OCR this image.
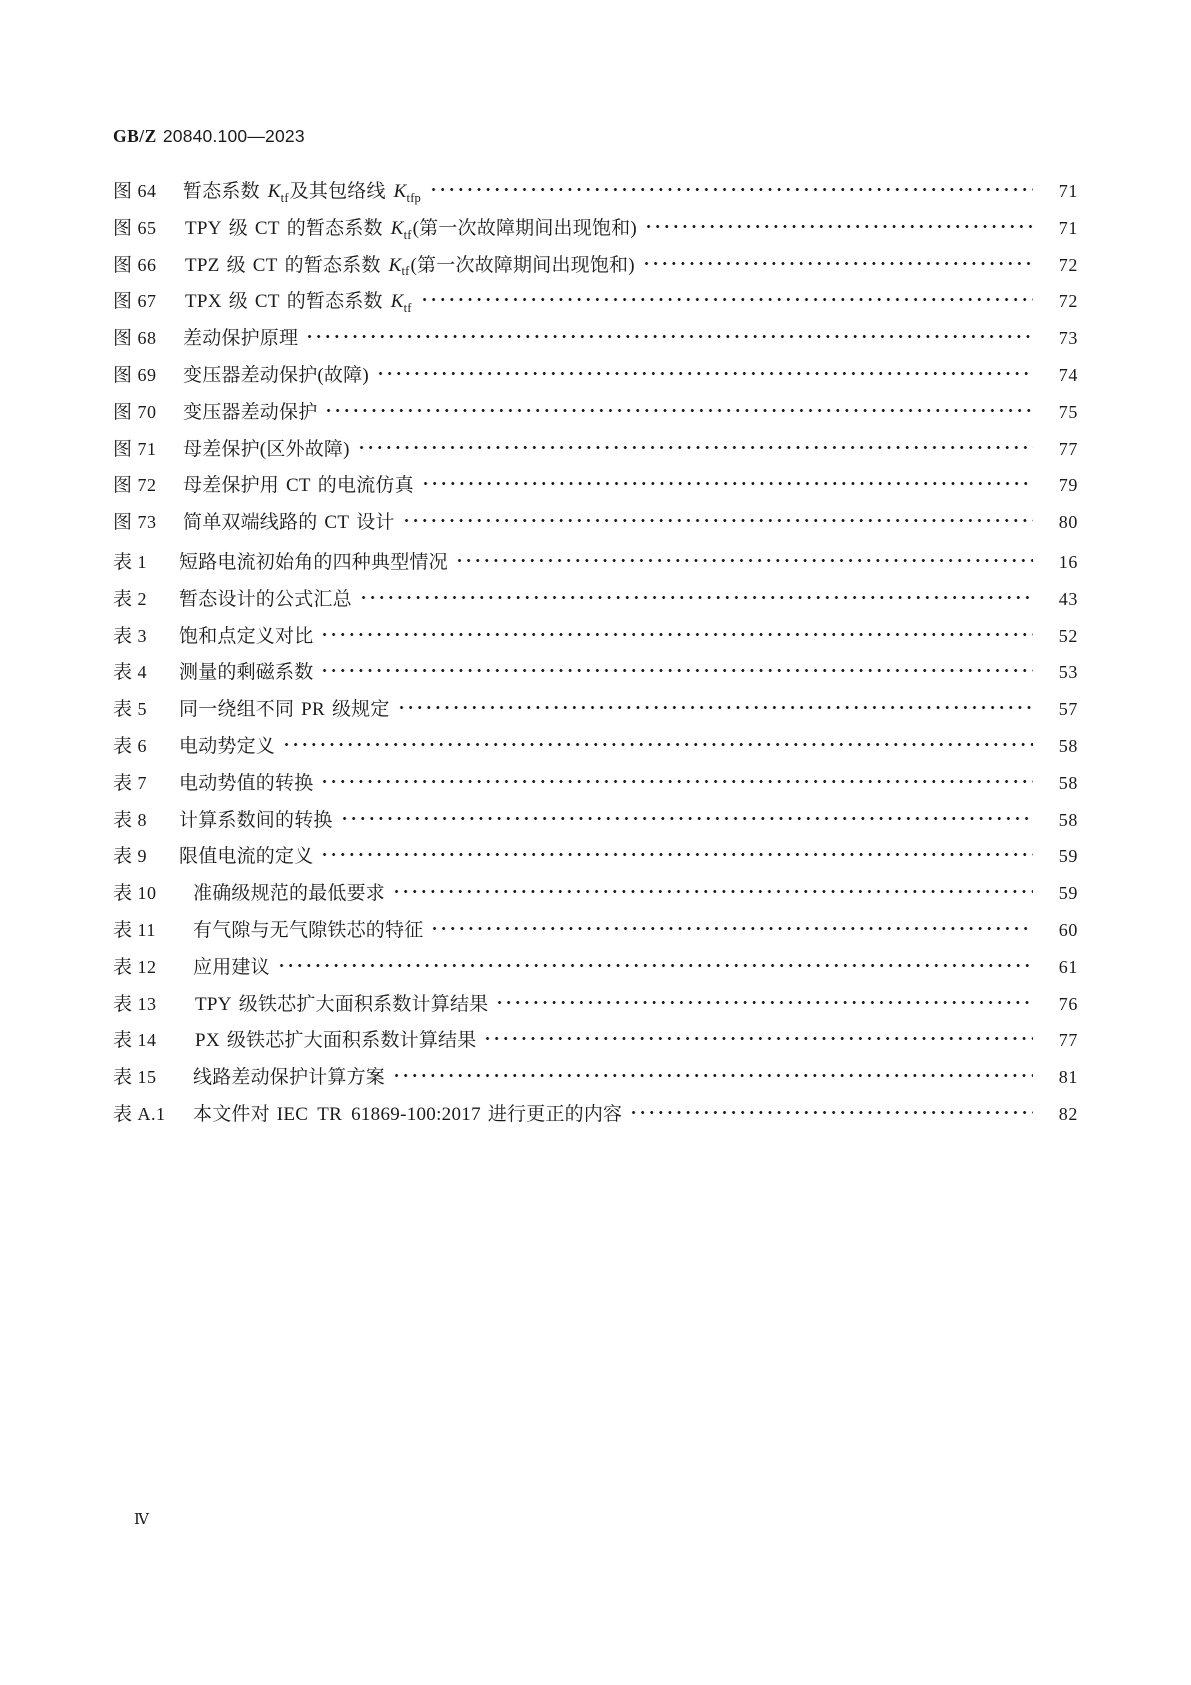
GB/Z 20840.100—2023
图 64	暂态系数 $K_{tf}$及其包络线 $K_{tfp}$	71
图 65	TPY 级 CT 的暂态系数 $K_{tf}$(第一次故障期间出现饱和)	71
图 66	TPZ 级 CT 的暂态系数 $K_{tf}$(第一次故障期间出现饱和)	72
图 67	TPX 级 CT 的暂态系数 $K_{tf}$	72
图 68	差动保护原理	73
图 69	变压器差动保护(故障)	74
图 70	变压器差动保护	75
图 71	母差保护(区外故障)	77
图 72	母差保护用 CT 的电流仿真	79
图 73	简单双端线路的 CT 设计	80
表 1	短路电流初始角的四种典型情况	16
表 2	暂态设计的公式汇总	43
表 3	饱和点定义对比	52
表 4	测量的剩磁系数	53
表 5	同一绕组不同 PR 级规定	57
表 6	电动势定义	58
表 7	电动势值的转换	58
表 8	计算系数间的转换	58
表 9	限值电流的定义	59
表 10	准确级规范的最低要求	59
表 11	有气隙与无气隙铁芯的特征	60
表 12	应用建议	61
表 13	TPY 级铁芯扩大面积系数计算结果	76
表 14	PX 级铁芯扩大面积系数计算结果	77
表 15	线路差动保护计算方案	81
表 A.1	本文件对 IEC TR 61869-100:2017 进行更正的内容	82
Ⅳ
